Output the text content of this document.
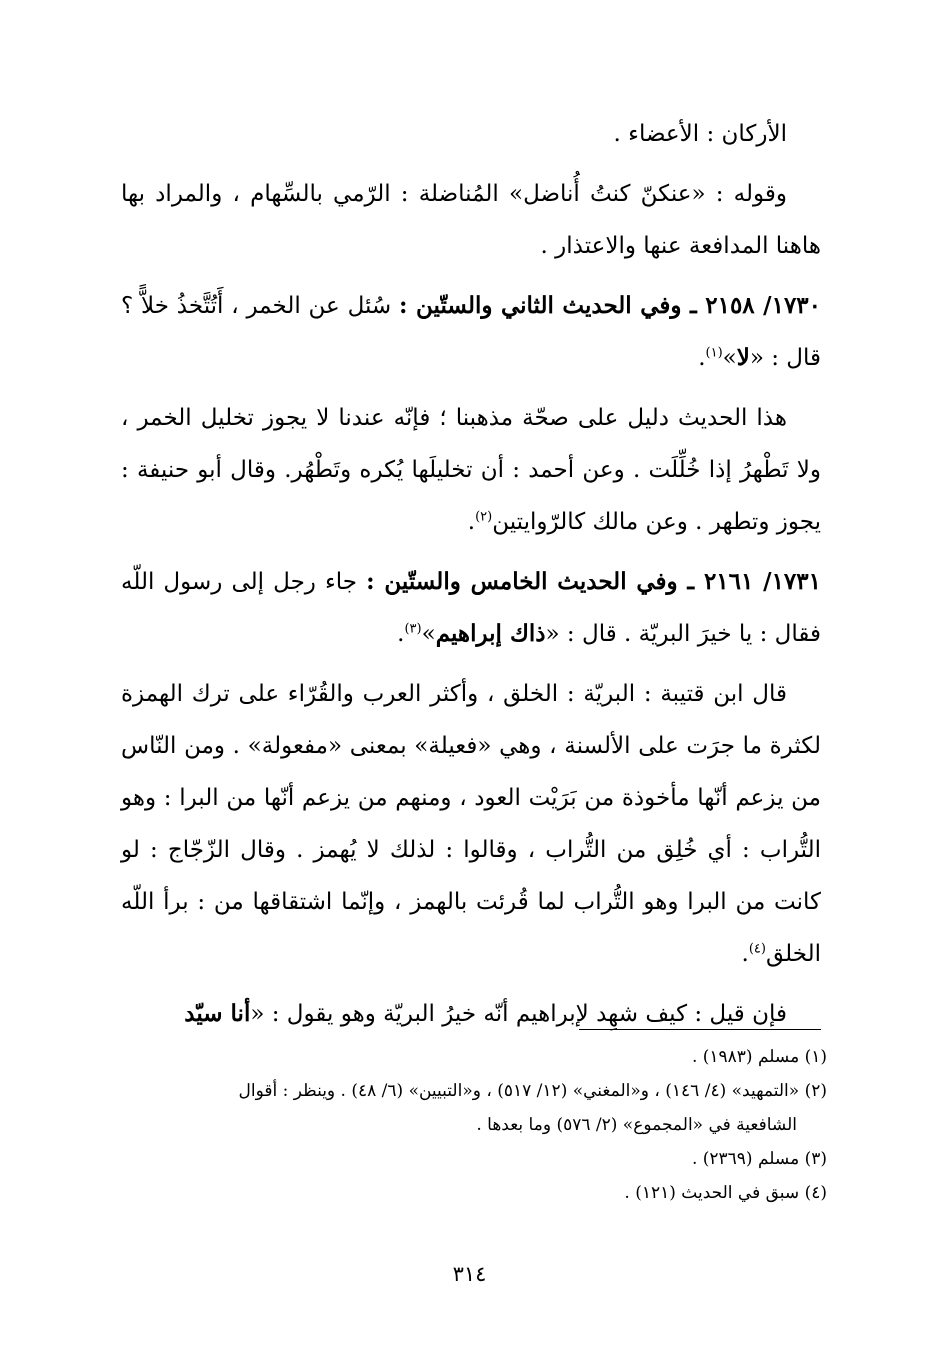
الأركان : الأعضاء .

وقوله : «عنكنّ كنتُ أُناضل» المُناضلة : الرّمي بالسِّهام ، والمراد بها هاهنا المدافعة عنها والاعتذار .

١٧٣٠/ ٢١٥٨ ـ وفي الحديث الثاني والستّين : سُئل عن الخمر ، أَتُتَّخذُ خلاًّ ؟ قال : «لا»$^{(١)}$.

هذا الحديث دليل على صحّة مذهبنا ؛ فإنّه عندنا لا يجوز تخليل الخمر ، ولا تَطْهرُ إذا خُلِّلَت . وعن أحمد : أن تخليلَها يُكره وتَطْهُر. وقال أبو حنيفة : يجوز وتطهر . وعن مالك كالرّوايتين$^{(٢)}$.

١٧٣١/ ٢١٦١ ـ وفي الحديث الخامس والستّين : جاء رجل إلى رسول اللّه فقال : يا خيرَ البريّة . قال : «ذاك إبراهيم»$^{(٣)}$.

قال ابن قتيبة : البريّة : الخلق ، وأكثر العرب والقُرّاء على ترك الهمزة لكثرة ما جرَت على الألسنة ، وهي «فعيلة» بمعنى «مفعولة» . ومن النّاس من يزعم أنّها مأخوذة من بَرَيْت العود ، ومنهم من يزعم أنّها من البرا : وهو التُّراب : أي خُلِق من التُّراب ، وقالوا : لذلك لا يُهمز . وقال الزّجّاج : لو كانت من البرا وهو التُّراب لما قُرئت بالهمز ، وإنّما اشتقاقها من : برأ اللّه الخلق$^{(٤)}$.

فإن قيل : كيف شهِد لإبراهيم أنّه خيرُ البريّة وهو يقول : «أنا سيّد

(١) مسلم (١٩٨٣) .

(٢) «التمهيد» (٤/ ١٤٦) ، و«المغني» (١٢/ ٥١٧) ، و«التبيين» (٦/ ٤٨) . وينظر : أقوال

الشافعية في «المجموع» (٢/ ٥٧٦) وما بعدها .

(٣) مسلم (٢٣٦٩) .

(٤) سبق في الحديث (١٢١) .

٣١٤
